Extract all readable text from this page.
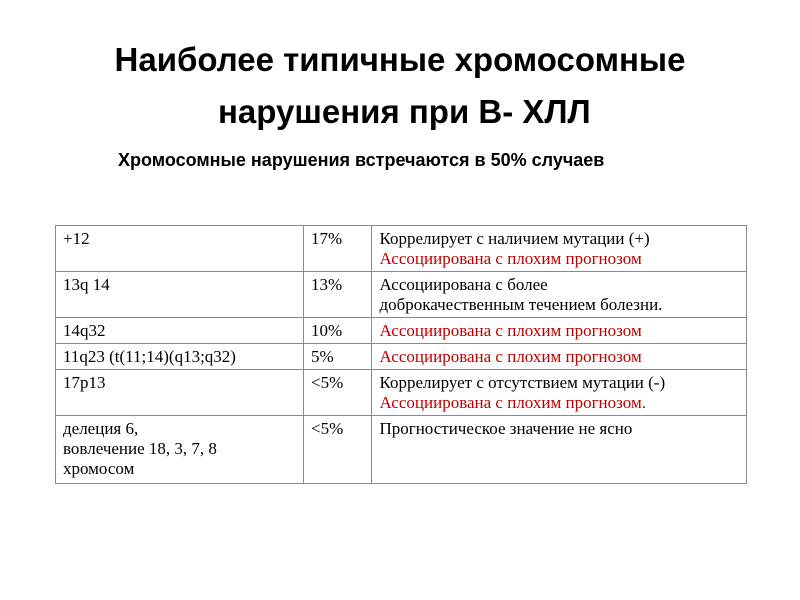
Наиболее типичные хромосомные
нарушения при В- ХЛЛ
Хромосомные нарушения встречаются в 50% случаев
+12	17%	Коррелирует с наличием мутации (+)
Ассоциирована с плохим прогнозом

13q 14	13%	Ассоциирована с более
доброкачественным течением болезни.

14q32	10%	Ассоциирована с плохим прогнозом

11q23 (t(11;14)(q13;q32)	5%	Ассоциирована с плохим прогнозом

17p13	<5%	Коррелирует с отсутствием мутации (-)
Ассоциирована с плохим прогнозом.

делеция 6,
вовлечение 18, 3, 7, 8
хромосом	<5%	Прогностическое значение не ясно
